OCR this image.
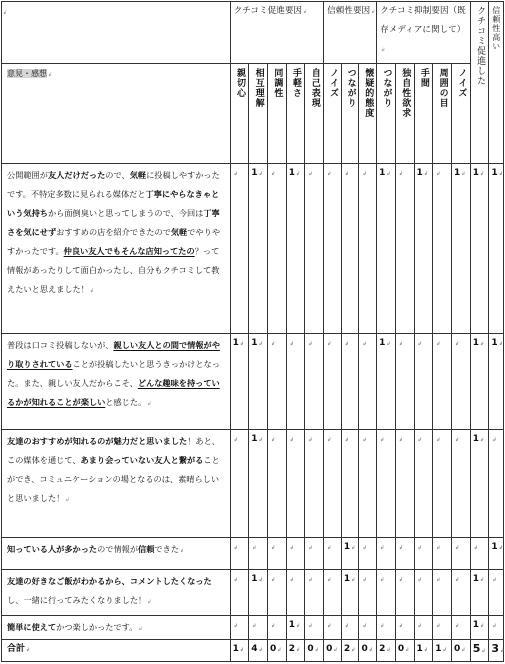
↲	クチコミ促進要因↲					信頼性要因↲			クチコミ抑制要因（既存メディアに関して）↲					クチコミ促進した	信頼性高い

意見・感想↲	親切心	相互理解	同調性	手軽さ	自己表現	ノイズ	つながり	懐疑的態度	つながり	独自性欲求	手間	周囲の目	ノイズ		

公開範囲が友人だけだったので、気軽に投稿しやすかったです。不特定多数に見られる媒体だと丁寧にやらなきゃという気持ちから面倒臭いと思ってしまうので、今回は丁寧さを気にせずおすすめの店を紹介できたので気軽でやりやすかったです。仲良い友人でもそんな店知ってたの？って情報があったりして面白かったし、自分もクチコミして教えたいと思えました！↲	↲	1↲	↲	1↲	↲	↲	↲	↲	1↲	↲	1↲	↲	1↲	1↲	1↲

普段は口コミ投稿しないが、親しい友人との間で情報がやり取りされていることが投稿したいと思うきっかけとなった。また、親しい友人だからこそ、どんな趣味を持っているかが知れることが楽しいと感じた。↲	1↲	1↲	↲	↲	↲	↲	↲	↲	1↲	↲	↲	↲	↲	1↲	1↲

友達のおすすめが知れるのが魅力だと思いました！あと、この媒体を通じて、あまり会っていない友人と繋がることができ、コミュニケーションの場となるのは、素晴らしいと思いました！↲	↲	1↲	↲	↲	↲	↲	↲	↲	↲	↲	↲	↲	↲	1↲	↲

知っている人が多かったので情報が信頼できた↲	↲	↲	↲	↲	↲	↲	1↲	↲	↲	↲	↲	↲	↲	↲	1↲

友達の好きなご飯がわかるから、コメントしたくなったし、一緒に行ってみたくなりました！↲	↲	1↲	↲	↲	↲	↲	1↲	↲	↲	↲	↲	↲	↲	1↲	↲

簡単に使えてかつ楽しかったです。↲	↲	↲	↲	1↲	↲	↲	↲	↲	↲	↲	↲	↲	↲	1↲	↲

合計↲	1↲	4↲	0↲	2↲	0↲	0↲	2↲	0↲	2↲	0↲	1↲	1↲	0↲	5↲	3↲
